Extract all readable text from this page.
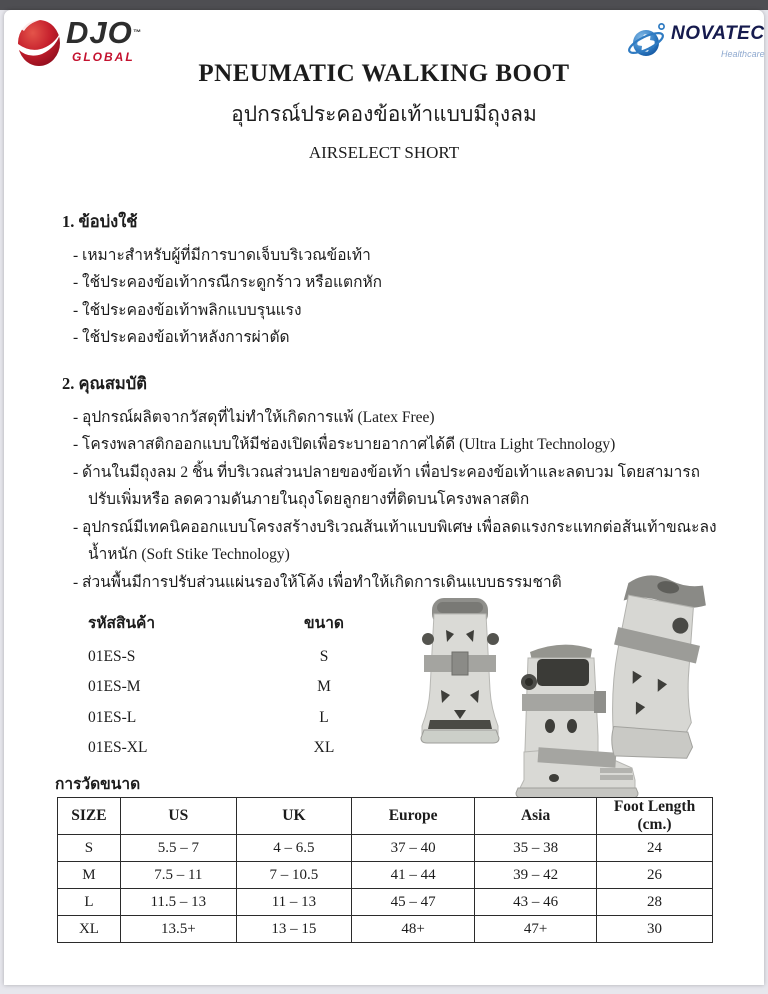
DJO™
GLOBAL
NOVATEC
Healthcare
PNEUMATIC WALKING BOOT
อุปกรณ์ประคองข้อเท้าแบบมีถุงลม
AIRSELECT SHORT
1. ข้อบ่งใช้
- เหมาะสำหรับผู้ที่มีการบาดเจ็บบริเวณข้อเท้า
- ใช้ประคองข้อเท้ากรณีกระดูกร้าว หรือแตกหัก
- ใช้ประคองข้อเท้าพลิกแบบรุนแรง
- ใช้ประคองข้อเท้าหลังการผ่าตัด
2. คุณสมบัติ
- อุปกรณ์ผลิตจากวัสดุที่ไม่ทำให้เกิดการแพ้ (Latex Free)
- โครงพลาสติกออกแบบให้มีช่องเปิดเพื่อระบายอากาศได้ดี (Ultra Light Technology)
- ด้านในมีถุงลม 2 ชิ้น ที่บริเวณส่วนปลายของข้อเท้า เพื่อประคองข้อเท้าและลดบวม โดยสามารถปรับเพิ่มหรือ ลดความดันภายในถุงโดยลูกยางที่ติดบนโครงพลาสติก
- อุปกรณ์มีเทคนิคออกแบบโครงสร้างบริเวณส้นเท้าแบบพิเศษ เพื่อลดแรงกระแทกต่อส้นเท้าขณะลงน้ำหนัก (Soft Stike Technology)
- ส่วนพื้นมีการปรับส่วนแผ่นรองให้โค้ง เพื่อทำให้เกิดการเดินแบบธรรมชาติ
รหัสสินค้า	ขนาด
01ES-S	S
01ES-M	M
01ES-L	L
01ES-XL	XL
การวัดขนาด
SIZE	US	UK	Europe	Asia	Foot Length (cm.)
S	5.5 – 7	4 – 6.5	37 – 40	35 – 38	24
M	7.5 – 11	7 – 10.5	41 – 44	39 – 42	26
L	11.5 – 13	11 – 13	45 – 47	43 – 46	28
XL	13.5+	13 – 15	48+	47+	30
